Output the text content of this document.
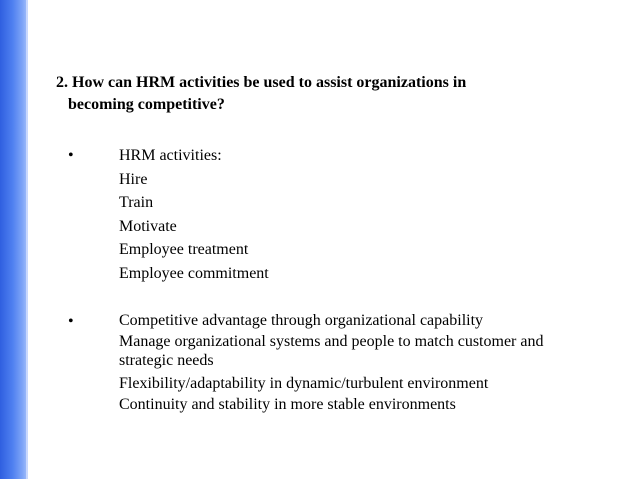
2. How can HRM activities be used to assist organizations in
becoming competitive?
•	HRM activities:
Hire
Train
Motivate
Employee treatment
Employee commitment
•	Competitive advantage through organizational capability
Manage organizational systems and people to match customer and strategic needs
Flexibility/adaptability in dynamic/turbulent environment
Continuity and stability in more stable environments
